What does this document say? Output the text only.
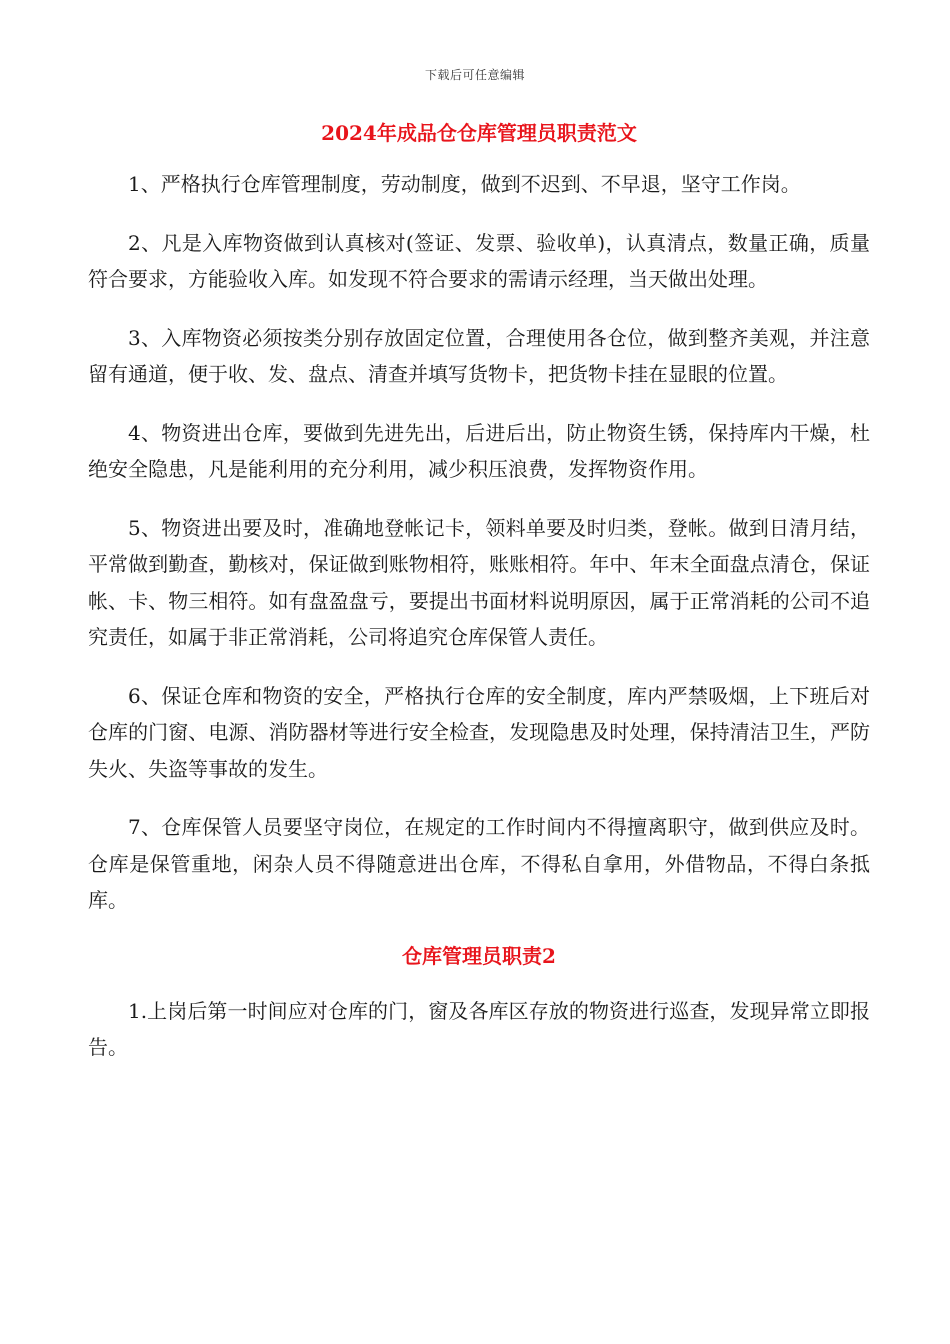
下载后可任意编辑
2024年成品仓仓库管理员职责范文

1、严格执行仓库管理制度，劳动制度，做到不迟到、不早退，坚守工作岗。

2、凡是入库物资做到认真核对(签证、发票、验收单)，认真清点，数量正确，质量符合要求，方能验收入库。如发现不符合要求的需请示经理，当天做出处理。

3、入库物资必须按类分别存放固定位置，合理使用各仓位，做到整齐美观，并注意留有通道，便于收、发、盘点、清查并填写货物卡，把货物卡挂在显眼的位置。

4、物资进出仓库，要做到先进先出，后进后出，防止物资生锈，保持库内干燥，杜绝安全隐患，凡是能利用的充分利用，减少积压浪费，发挥物资作用。

5、物资进出要及时，准确地登帐记卡，领料单要及时归类，登帐。做到日清月结，平常做到勤查，勤核对，保证做到账物相符，账账相符。年中、年末全面盘点清仓，保证帐、卡、物三相符。如有盘盈盘亏，要提出书面材料说明原因，属于正常消耗的公司不追究责任，如属于非正常消耗，公司将追究仓库保管人责任。

6、保证仓库和物资的安全，严格执行仓库的安全制度，库内严禁吸烟，上下班后对仓库的门窗、电源、消防器材等进行安全检查，发现隐患及时处理，保持清洁卫生，严防失火、失盗等事故的发生。

7、仓库保管人员要坚守岗位，在规定的工作时间内不得擅离职守，做到供应及时。仓库是保管重地，闲杂人员不得随意进出仓库，不得私自拿用，外借物品，不得白条抵库。

仓库管理员职责2

1.上岗后第一时间应对仓库的门，窗及各库区存放的物资进行巡查，发现异常立即报告。
